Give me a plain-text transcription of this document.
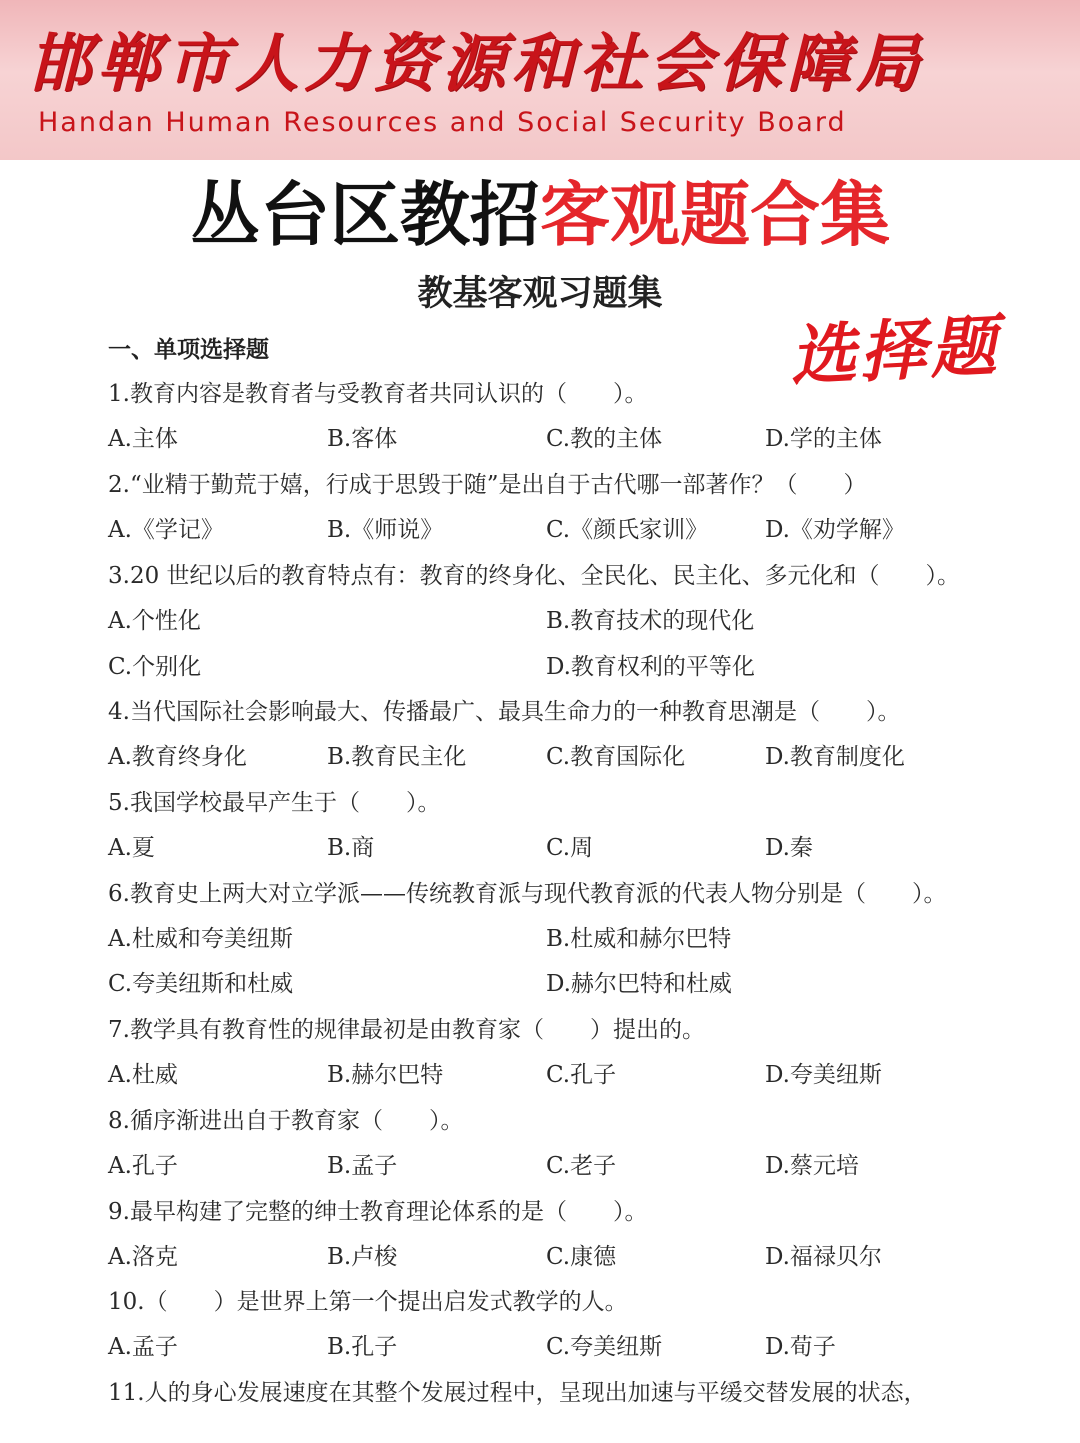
邯郸市人力资源和社会保障局
Handan Human Resources and Social Security Board
丛台区教招客观题合集
教基客观习题集
选择题
一、单项选择题
1.教育内容是教育者与受教育者共同认识的（　　）。
A.主体	B.客体	C.教的主体	D.学的主体
2.“业精于勤荒于嬉，行成于思毁于随”是出自于古代哪一部著作？（　　）
A.《学记》	B.《师说》	C.《颜氏家训》 D.《劝学解》
3.20 世纪以后的教育特点有：教育的终身化、全民化、民主化、多元化和（　　）。
A.个性化	B.教育技术的现代化
C.个别化	D.教育权利的平等化
4.当代国际社会影响最大、传播最广、最具生命力的一种教育思潮是（　　）。
A.教育终身化	B.教育民主化	C.教育国际化	D.教育制度化
5.我国学校最早产生于（　　）。
A.夏	B.商	C.周	D.秦
6.教育史上两大对立学派——传统教育派与现代教育派的代表人物分别是（　　）。
A.杜威和夸美纽斯	B.杜威和赫尔巴特
C.夸美纽斯和杜威	D.赫尔巴特和杜威
7.教学具有教育性的规律最初是由教育家（　　）提出的。
A.杜威	B.赫尔巴特	C.孔子	D.夸美纽斯
8.循序渐进出自于教育家（　　）。
A.孔子	B.孟子	C.老子	D.蔡元培
9.最早构建了完整的绅士教育理论体系的是（　　）。
A.洛克	B.卢梭	C.康德	D.福禄贝尔
10.（　　）是世界上第一个提出启发式教学的人。
A.孟子	B.孔子	C.夸美纽斯	D.荀子
11.人的身心发展速度在其整个发展过程中，呈现出加速与平缓交替发展的状态，
